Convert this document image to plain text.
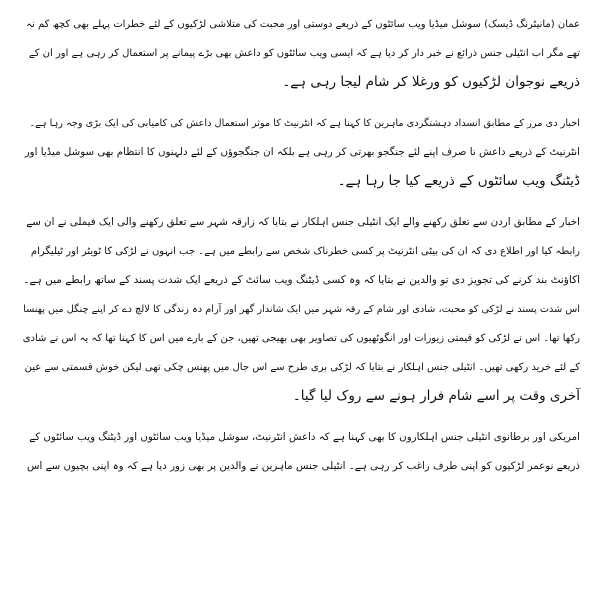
عمان (مانیٹرنگ ڈیسک) سوشل میڈیا ویب سائٹوں کے ذریعے دوستی اور محبت کی متلاشی لڑکیوں کے لئے خطرات پہلے بھی کچھ کم نہ
تھے مگر اب انٹیلی جنس ذرائع نے خبر دار کر دیا ہے کہ ایسی ویب سائٹوں کو داعش بھی بڑے پیمانے پر استعمال کر رہی ہے اور ان کے
ذریعے نوجوان لڑکیوں کو ورغلا کر شام لیجا رہی ہے۔
اخبار دی مرر کے مطابق انسداد دہشتگردی ماہرین کا کہنا ہے کہ انٹرنیٹ کا موثر استعمال داعش کی کامیابی کی ایک بڑی وجہ رہا ہے۔
انٹرنیٹ کے ذریعے داعش نا صرف اپنے لئے جنگجو بھرتی کر رہی ہے بلکہ ان جنگجوؤں کے لئے دلہنوں کا انتظام بھی سوشل میڈیا اور
ڈیٹنگ ویب سائٹوں کے ذریعے کیا جا رہا ہے۔
اخبار کے مطابق اردن سے تعلق رکھنے والے ایک انٹیلی جنس اہلکار نے بتایا کہ زارقہ شہر سے تعلق رکھنے والی ایک فیملی نے ان سے
رابطہ کیا اور اطلاع دی کہ ان کی بیٹی انٹرنیٹ پر کسی خطرناک شخص سے رابطے میں ہے۔ جب انہوں نے لڑکی کا ٹویٹر اور ٹیلیگرام
اکاؤنٹ بند کرنے کی تجویز دی تو والدین نے بتایا کہ وہ کسی ڈیٹنگ ویب سائٹ کے ذریعے ایک شدت پسند کے ساتھ رابطے میں ہے۔
اس شدت پسند نے لڑکی کو محبت، شادی اور شام کے رقہ شہر میں ایک شاندار گھر اور آرام دہ زندگی کا لالچ دے کر اپنے چنگل میں پھنسا
رکھا تھا۔ اس نے لڑکی کو قیمتی زیورات اور انگوٹھیوں کی تصاویر بھی بھیجی تھیں، جن کے بارے میں اس کا کہنا تھا کہ یہ اس نے شادی
کے لئے خرید رکھی تھیں۔ انٹیلی جنس اہلکار نے بتایا کہ لڑکی بری طرح سے اس جال میں پھنس چکی تھی لیکن خوش قسمتی سے عین
آخری وقت پر اسے شام فرار ہونے سے روک لیا گیا۔
امریکی اور برطانوی انٹیلی جنس اہلکاروں کا بھی کہنا ہے کہ داعش انٹرنیٹ، سوشل میڈیا ویب سائٹوں اور ڈیٹنگ ویب سائٹوں کے
ذریعے نوعمر لڑکیوں کو اپنی طرف راغب کر رہی ہے۔ انٹیلی جنس ماہرین نے والدین پر بھی زور دیا ہے کہ وہ اپنی بچیوں سے اس
